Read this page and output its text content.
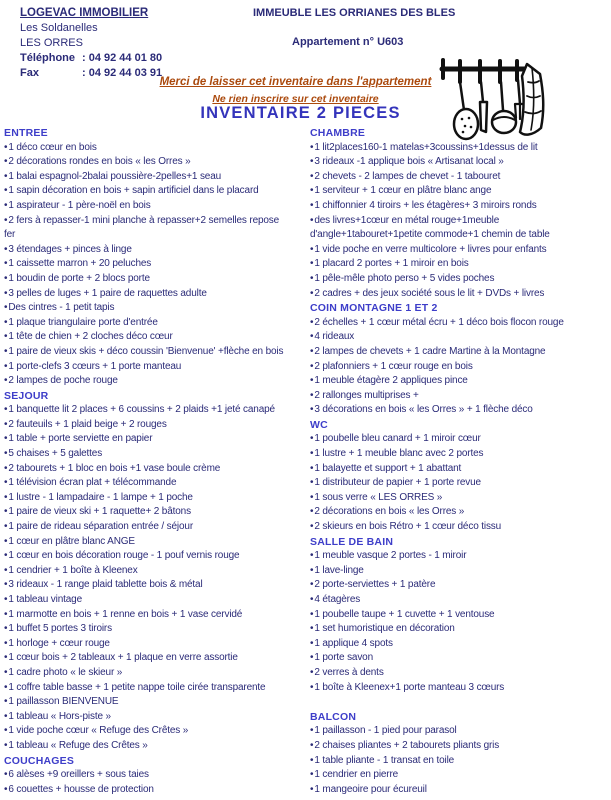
LOGEVAC IMMOBILIER
Les Soldanelles
LES ORRES
Téléphone : 04 92 44 01 80
Fax	: 04 92 44 03 91
IMMEUBLE LES ORRIANES DES BLES
Appartement n° U603
Merci de laisser cet inventaire dans l'appartement
Ne rien inscrire sur cet inventaire
INVENTAIRE 2 PIECES
ENTREE
•1 déco cœur en bois
•2 décorations rondes en bois « les Orres »
•1 balai espagnol-2balai poussière-2pelles+1 seau
•1 sapin décoration en bois + sapin artificiel dans le placard
•1 aspirateur - 1 père-noël en bois
•2 fers à repasser-1 mini planche à repasser+2 semelles repose
fer
•3 étendages + pinces à linge
•1 caissette marron + 20 peluches
•1 boudin de porte + 2 blocs porte
•3 pelles de luges + 1 paire de raquettes adulte
•Des cintres - 1 petit tapis
•1 plaque triangulaire porte d'entrée
•1 tête de chien + 2 cloches déco cœur
•1 paire de vieux skis + déco coussin 'Bienvenue' +flèche en bois
•1 porte-clefs 3 cœurs + 1 porte manteau
•2 lampes de poche rouge
SEJOUR
•1 banquette lit 2 places + 6 coussins + 2 plaids +1 jeté canapé
•2 fauteuils + 1 plaid beige + 2 rouges
•1 table + porte serviette en papier
•5 chaises + 5 galettes
•2 tabourets + 1 bloc en bois +1 vase boule crème
•1 télévision écran plat + télécommande
•1 lustre - 1 lampadaire - 1 lampe + 1 poche
•1 paire de vieux ski + 1 raquette+ 2 bâtons
•1 paire de rideau séparation entrée / séjour
•1 cœur en plâtre blanc ANGE
•1 cœur en bois décoration rouge - 1 pouf vernis rouge
•1 cendrier + 1 boîte à Kleenex
•3 rideaux - 1 range plaid tablette bois & métal
•1 tableau vintage
•1 marmotte en bois + 1 renne en bois + 1 vase cervidé
•1 buffet 5 portes 3 tiroirs
•1 horloge + cœur rouge
•1 cœur bois + 2 tableaux + 1 plaque en verre assortie
•1 cadre photo « le skieur »
•1 coffre table basse + 1 petite nappe toile cirée transparente
•1 paillasson BIENVENUE
•1 tableau « Hors-piste »
•1 vide poche cœur « Refuge des Crêtes »
•1 tableau « Refuge des Crêtes »
COUCHAGES
•6 alèses +9 oreillers + sous taies
•6 couettes + housse de protection
CHAMBRE
•1 lit2places160-1 matelas+3coussins+1dessus de lit
•3 rideaux -1 applique bois « Artisanat local »
•2 chevets - 2 lampes de chevet - 1 tabouret
•1 serviteur + 1 cœur en plâtre blanc ange
•1 chiffonnier 4 tiroirs + les étagères+ 3 miroirs ronds
•des livres+1cœur en métal rouge+1meuble
d'angle+1tabouret+1petite commode+1 chemin de table
•1 vide poche en verre multicolore + livres pour enfants
•1 placard 2 portes + 1 miroir en bois
•1 pêle-mêle photo perso + 5 vides poches
•2 cadres + des jeux société sous le lit + DVDs + livres
COIN MONTAGNE 1 ET 2
•2 échelles + 1 cœur métal écru + 1 déco bois flocon rouge
•4 rideaux
•2 lampes de chevets + 1 cadre Martine à la Montagne
•2 plafonniers + 1 cœur rouge en bois
•1 meuble étagère 2 appliques pince
•2 rallonges multiprises +
•3 décorations en bois « les Orres » + 1 flèche déco
WC
•1 poubelle bleu canard + 1 miroir cœur
•1 lustre + 1 meuble blanc avec 2 portes
•1 balayette et support + 1 abattant
•1 distributeur de papier + 1 porte revue
•1 sous verre « LES ORRES »
•2 décorations en bois « les Orres »
•2 skieurs en bois Rétro + 1 cœur déco tissu
SALLE DE BAIN
•1 meuble vasque 2 portes - 1 miroir
•1 lave-linge
•2 porte-serviettes + 1 patère
•4 étagères
•1 poubelle taupe + 1 cuvette + 1 ventouse
•1 set humoristique en décoration
•1 applique 4 spots
•1 porte savon
•2 verres à dents
•1 boîte à Kleenex+1 porte manteau 3 cœurs
BALCON
•1 paillasson - 1 pied pour parasol
•2 chaises pliantes + 2 tabourets pliants gris
•1 table pliante - 1 transat en toile
•1 cendrier en pierre
•1 mangeoire pour écureuil
